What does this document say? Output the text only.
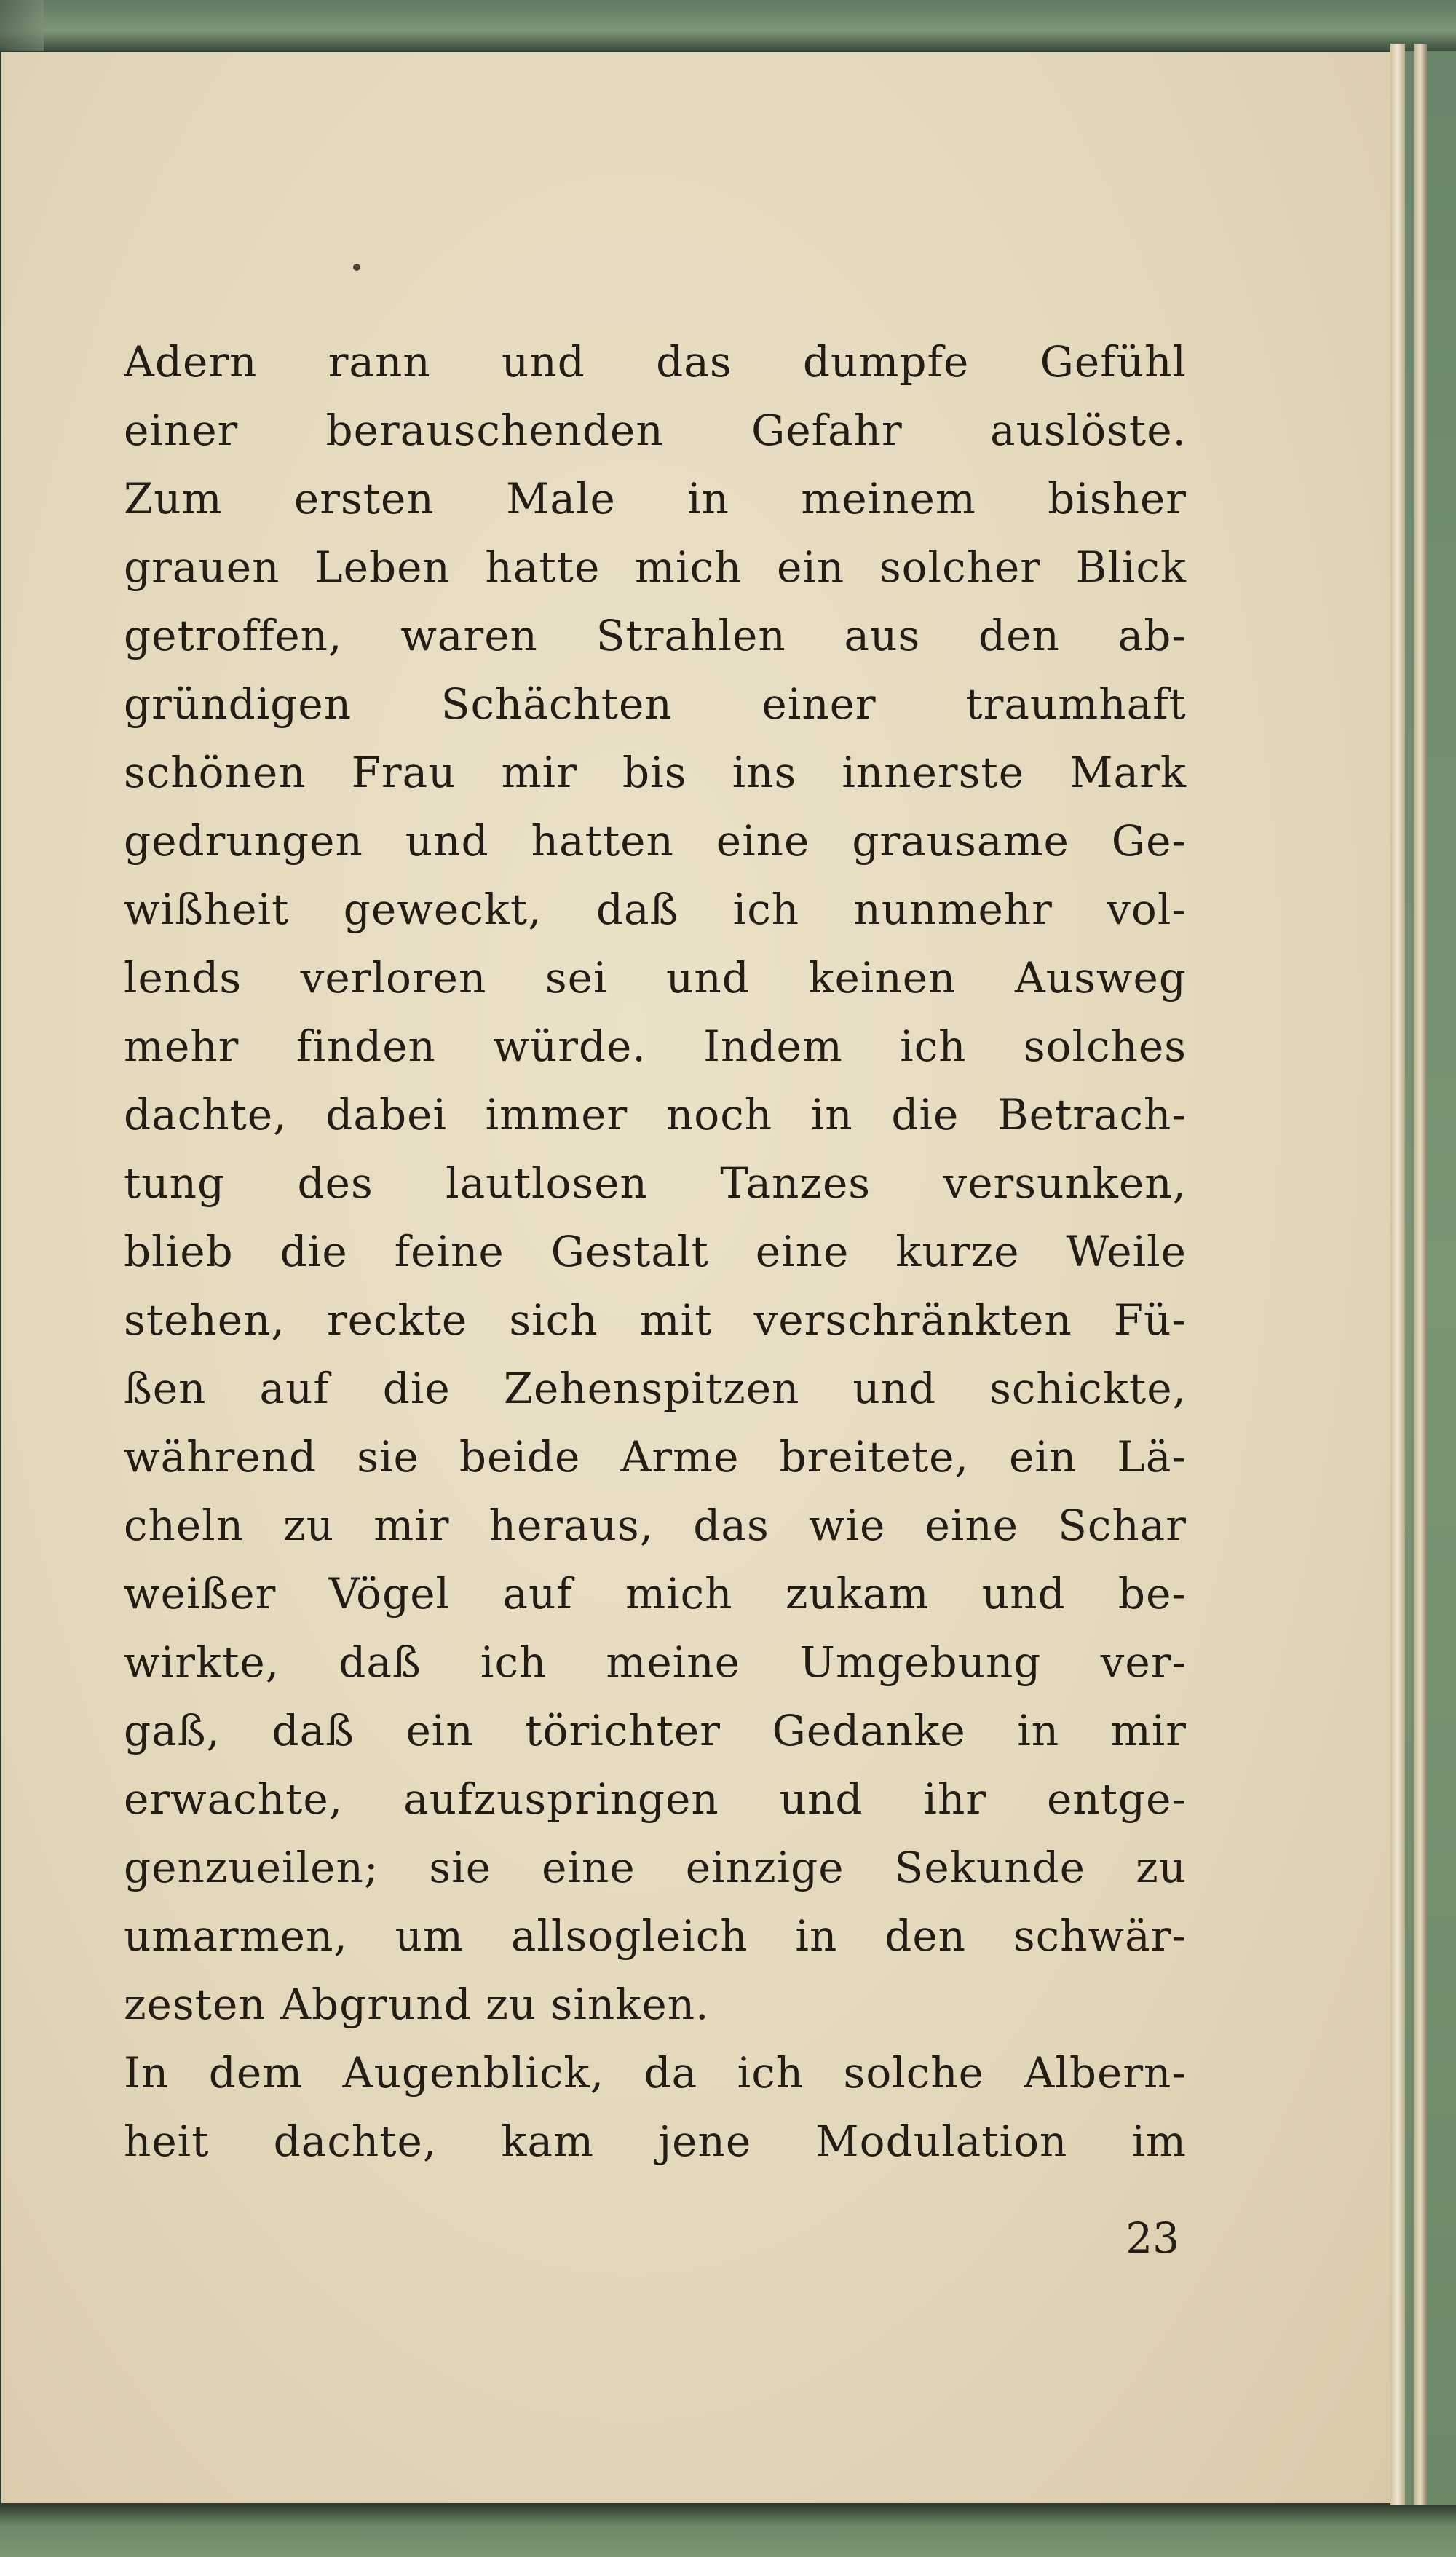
Adern rann und das dumpfe Gefühl
einer berauschenden Gefahr auslöste.
Zum ersten Male in meinem bisher
grauen Leben hatte mich ein solcher Blick
getroffen, waren Strahlen aus den ab-
gründigen Schächten einer traumhaft
schönen Frau mir bis ins innerste Mark
gedrungen und hatten eine grausame Ge-
wißheit geweckt, daß ich nunmehr vol-
lends verloren sei und keinen Ausweg
mehr finden würde. Indem ich solches
dachte, dabei immer noch in die Betrach-
tung des lautlosen Tanzes versunken,
blieb die feine Gestalt eine kurze Weile
stehen, reckte sich mit verschränkten Fü-
ßen auf die Zehenspitzen und schickte,
während sie beide Arme breitete, ein Lä-
cheln zu mir heraus, das wie eine Schar
weißer Vögel auf mich zukam und be-
wirkte, daß ich meine Umgebung ver-
gaß, daß ein törichter Gedanke in mir
erwachte, aufzuspringen und ihr entge-
genzueilen; sie eine einzige Sekunde zu
umarmen, um allsogleich in den schwär-
zesten Abgrund zu sinken.
In dem Augenblick, da ich solche Albern-
heit dachte, kam jene Modulation im
23
